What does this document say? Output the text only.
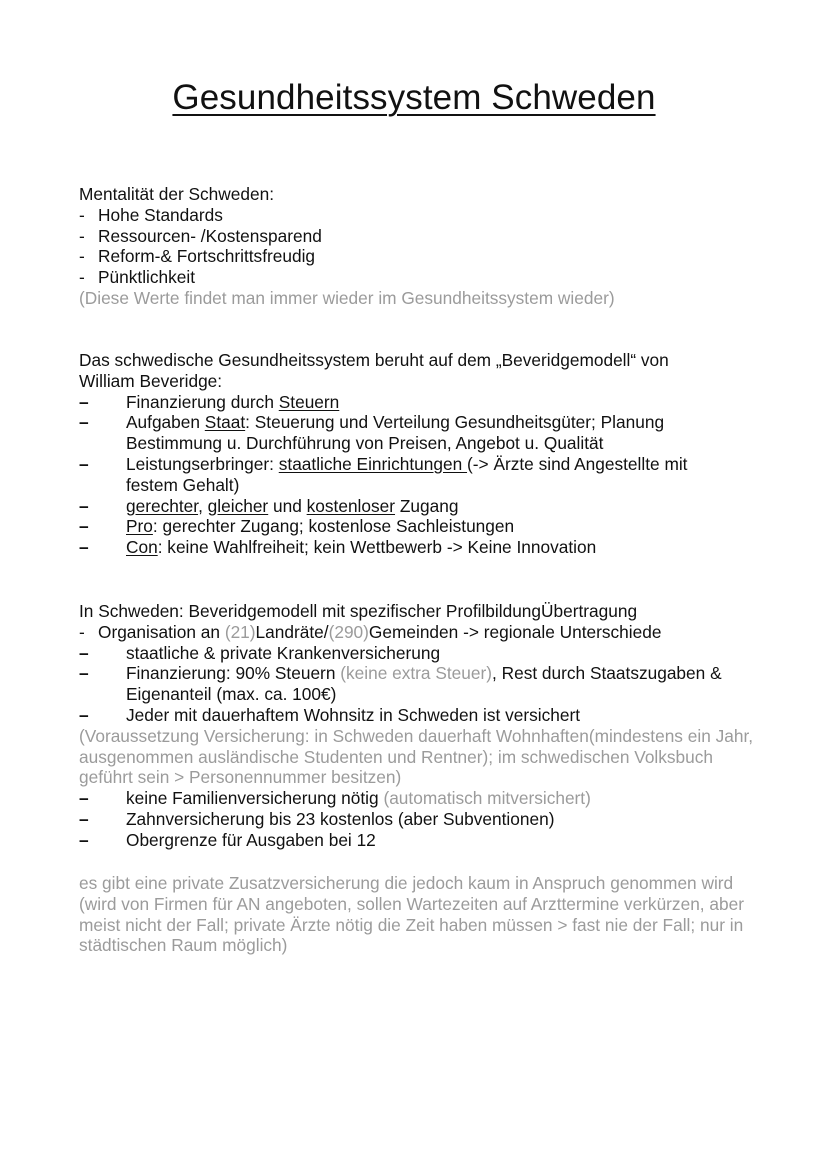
Gesundheitssystem Schweden
Mentalität der Schweden:
- Hohe Standards
- Ressourcen- /Kostensparend
- Reform-& Fortschrittsfreudig
- Pünktlichkeit
(Diese Werte findet man immer wieder im Gesundheitssystem wieder)
Das schwedische Gesundheitssystem beruht auf dem „Beveridgemodell“ von
William Beveridge:
– Finanzierung durch Steuern
– Aufgaben Staat: Steuerung und Verteilung Gesundheitsgüter; Planung Bestimmung u. Durchführung von Preisen, Angebot u. Qualität
– Leistungserbringer: staatliche Einrichtungen (-> Ärzte sind Angestellte mit festem Gehalt)
– gerechter, gleicher und kostenloser Zugang
– Pro: gerechter Zugang; kostenlose Sachleistungen
– Con: keine Wahlfreiheit; kein Wettbewerb -> Keine Innovation
In Schweden: Beveridgemodell mit spezifischer ProfilbildungÜbertragung
- Organisation an (21)Landräte/(290)Gemeinden -> regionale Unterschiede
– staatliche & private Krankenversicherung
– Finanzierung: 90% Steuern (keine extra Steuer), Rest durch Staatszugaben & Eigenanteil (max. ca. 100€)
– Jeder mit dauerhaftem Wohnsitz in Schweden ist versichert
(Voraussetzung Versicherung: in Schweden dauerhaft Wohnhaften(mindestens ein Jahr, ausgenommen ausländische Studenten und Rentner); im schwedischen Volksbuch geführt sein > Personennummer besitzen)
– keine Familienversicherung nötig (automatisch mitversichert)
– Zahnversicherung bis 23 kostenlos (aber Subventionen)
– Obergrenze für Ausgaben bei 12
es gibt eine private Zusatzversicherung die jedoch kaum in Anspruch genommen wird (wird von Firmen für AN angeboten, sollen Wartezeiten auf Arzttermine verkürzen, aber meist nicht der Fall; private Ärzte nötig die Zeit haben müssen > fast nie der Fall; nur in städtischen Raum möglich)
